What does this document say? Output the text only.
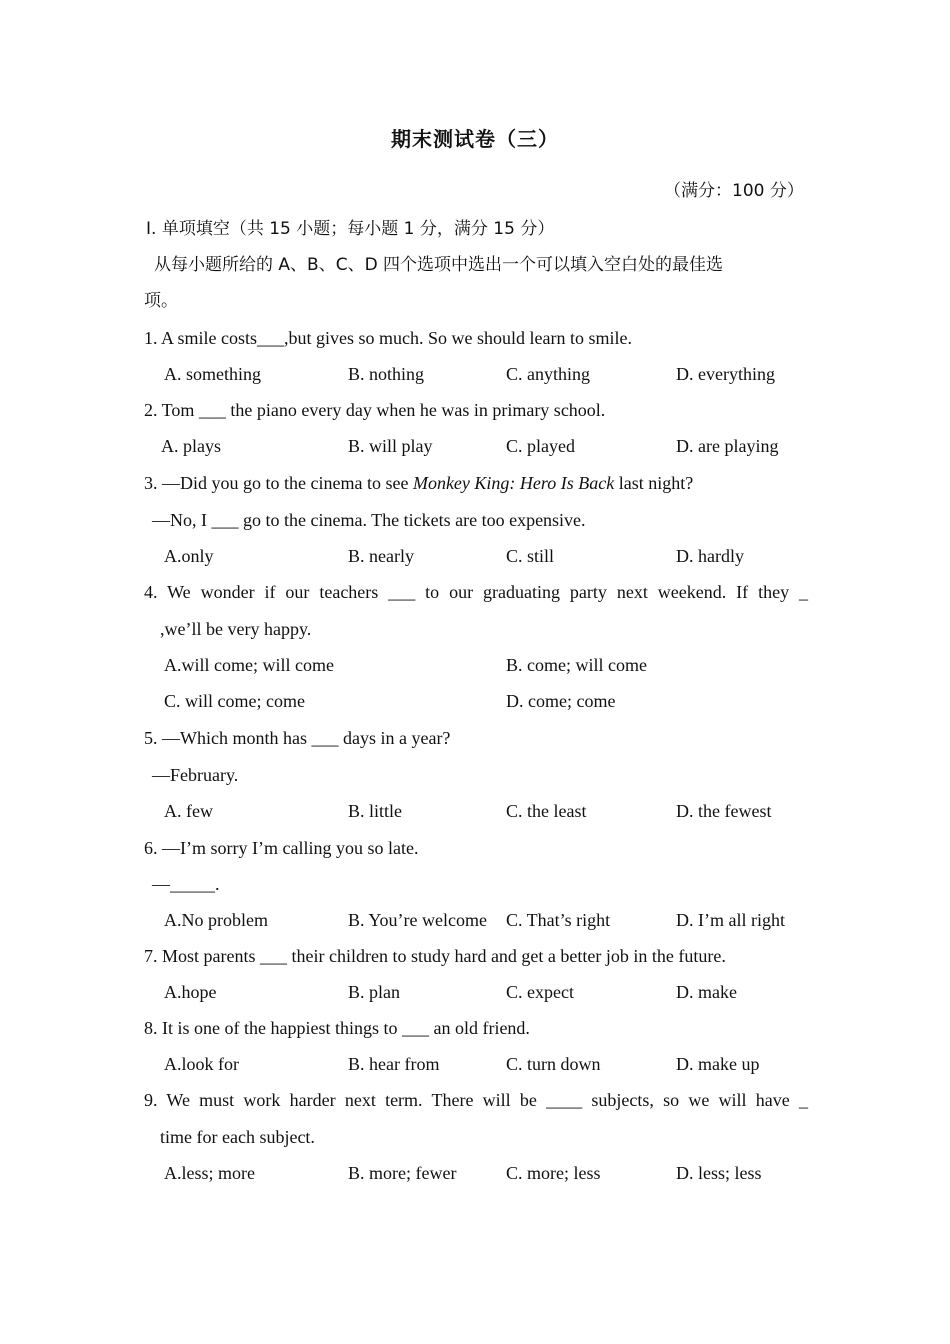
期末测试卷（三）
（满分：100 分）
Ⅰ. 单项填空（共 15 小题；每小题 1 分，满分 15 分）
从每小题所给的 A、B、C、D 四个选项中选出一个可以填入空白处的最佳选
项。
1. A smile costs___,but gives so much. So we should learn to smile.
A. something	B. nothing	C. anything	D. everything
2. Tom ___ the piano every day when he was in primary school.
A. plays	B. will play	C. played	D. are playing
3. —Did you go to the cinema to see Monkey King: Hero Is Back last night?
—No, I ___ go to the cinema. The tickets are too expensive.
A.only	B. nearly	C. still	D. hardly
4. We wonder if our teachers ___ to our graduating party next weekend. If they _
,we’ll be very happy.
A.will come; will come	B. come; will come
C. will come; come	D. come; come
5. —Which month has ___ days in a year?
—February.
A. few	B. little	C. the least	D. the fewest
6. —I’m sorry I’m calling you so late.
—_____.
A.No problem	B. You’re welcome C. That’s right	D. I’m all right
7. Most parents ___ their children to study hard and get a better job in the future.
A.hope	B. plan	C. expect	D. make
8. It is one of the happiest things to ___ an old friend.
A.look for	B. hear from	C. turn down	D. make up
9. We must work harder next term. There will be ____ subjects, so we will have _
time for each subject.
A.less; more	B. more; fewer	C. more; less	D. less; less
